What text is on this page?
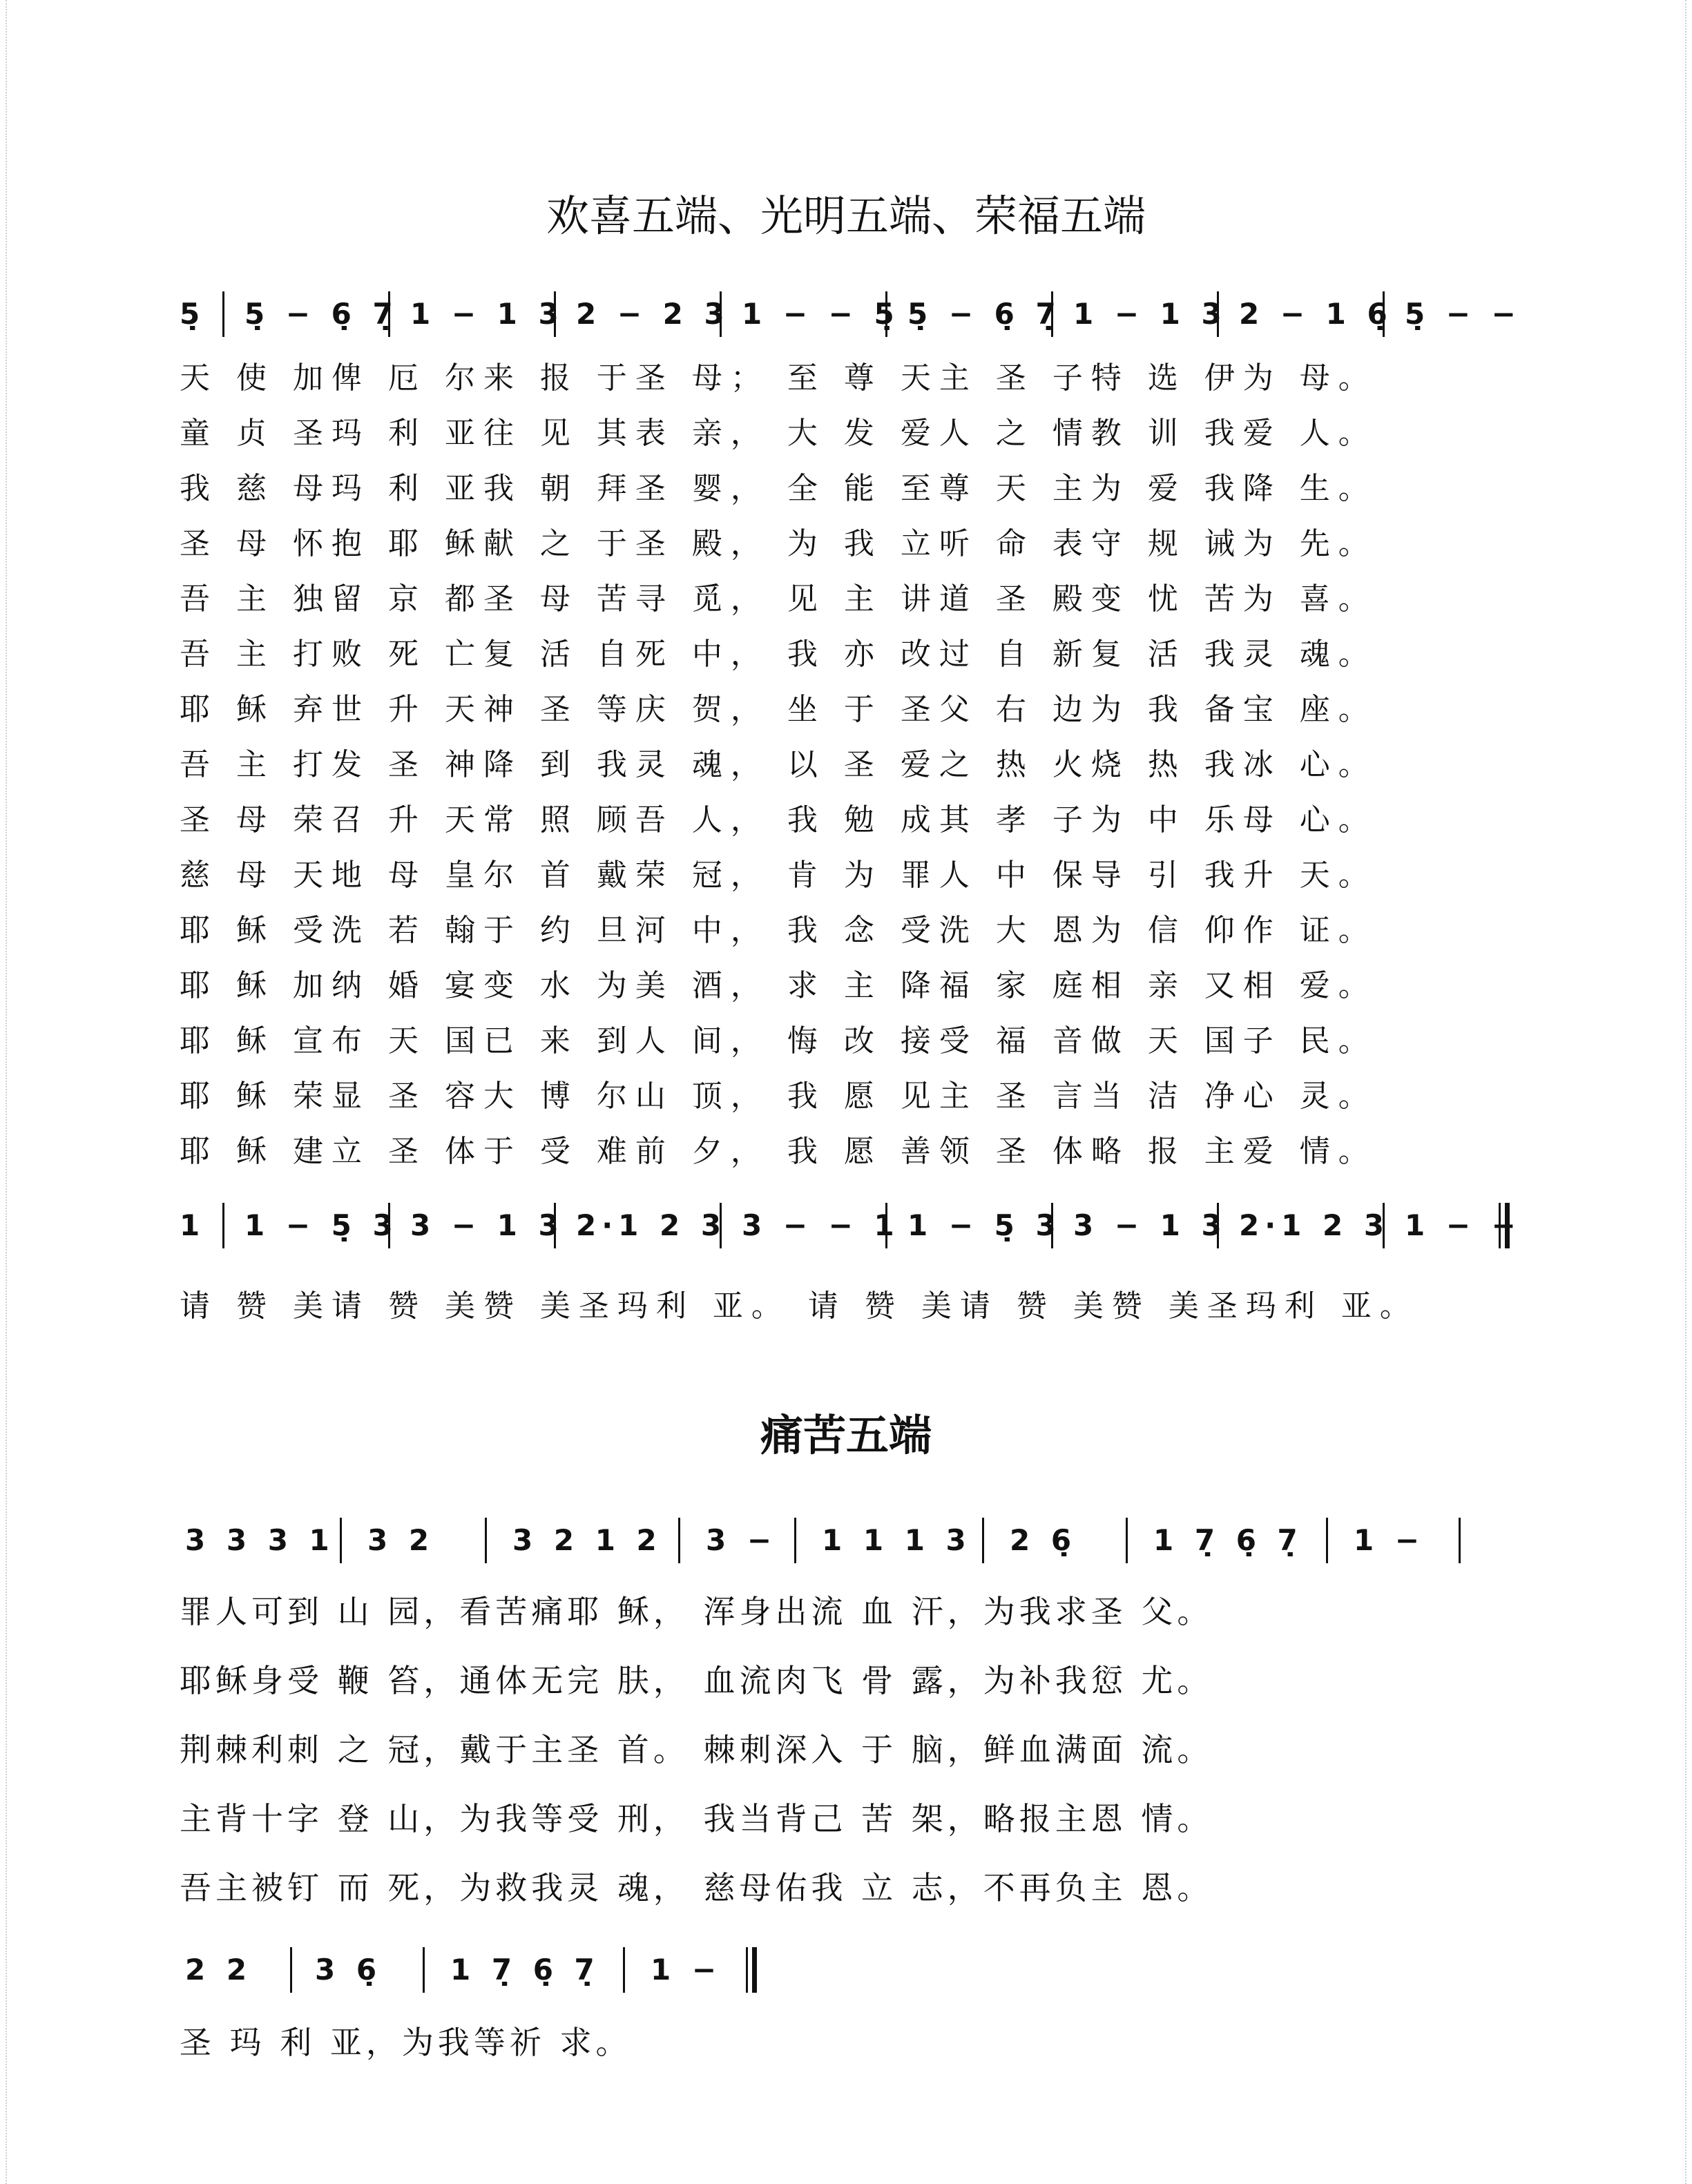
欢喜五端、光明五端、荣福五端
5̣ 5̣ − 6̣ 7̣ 1 − 1 3 2 − 2 3 1 − − 5̣ 5̣ − 6̣ 7̣ 1 − 1 3 2 − 1 6̣ 5̣ − −

天 使 加俾 厄 尔来 报 于圣 母； 至 尊 天主 圣 子特 选 伊为 母。

童 贞 圣玛 利 亚往 见 其表 亲， 大 发 爱人 之 情教 训 我爱 人。

我 慈 母玛 利 亚我 朝 拜圣 婴， 全 能 至尊 天 主为 爱 我降 生。

圣 母 怀抱 耶 稣献 之 于圣 殿， 为 我 立听 命 表守 规 诫为 先。

吾 主 独留 京 都圣 母 苦寻 觅， 见 主 讲道 圣 殿变 忧 苦为 喜。

吾 主 打败 死 亡复 活 自死 中， 我 亦 改过 自 新复 活 我灵 魂。

耶 稣 弃世 升 天神 圣 等庆 贺， 坐 于 圣父 右 边为 我 备宝 座。

吾 主 打发 圣 神降 到 我灵 魂， 以 圣 爱之 热 火烧 热 我冰 心。

圣 母 荣召 升 天常 照 顾吾 人， 我 勉 成其 孝 子为 中 乐母 心。

慈 母 天地 母 皇尔 首 戴荣 冠， 肯 为 罪人 中 保导 引 我升 天。

耶 稣 受洗 若 翰于 约 旦河 中， 我 念 受洗 大 恩为 信 仰作 证。

耶 稣 加纳 婚 宴变 水 为美 酒， 求 主 降福 家 庭相 亲 又相 爱。

耶 稣 宣布 天 国已 来 到人 间， 悔 改 接受 福 音做 天 国子 民。

耶 稣 荣显 圣 容大 博 尔山 顶， 我 愿 见主 圣 言当 洁 净心 灵。

耶 稣 建立 圣 体于 受 难前 夕， 我 愿 善领 圣 体略 报 主爱 情。

1 1 − 5̣ 3 3 − 1 3 2·1 2 3 3 − − 1 1 − 5̣ 3 3 − 1 3 2·1 2 3 1 − −

请 赞 美请 赞 美赞 美圣玛利 亚。 请 赞 美请 赞 美赞 美圣玛利 亚。

痛苦五端
3 3 3 1 3 2	3 2 1 2 3 − 1 1 1 3 2 6̣	1 7̣ 6̣ 7̣ 1 −

罪人可到 山 园，看苦痛耶 稣， 浑身出流 血 汗，为我求圣 父。

耶稣身受 鞭 笞，通体无完 肤， 血流肉飞 骨 露，为补我愆 尤。

荆棘利刺 之 冠，戴于主圣 首。 棘刺深入 于 脑，鲜血满面 流。

主背十字 登 山，为我等受 刑， 我当背己 苦 架，略报主恩 情。

吾主被钉 而 死，为救我灵 魂， 慈母佑我 立 志，不再负主 恩。

2 2 3 6̣ 1 7̣ 6̣ 7̣ 1 −

圣 玛 利 亚，为我等祈 求。
